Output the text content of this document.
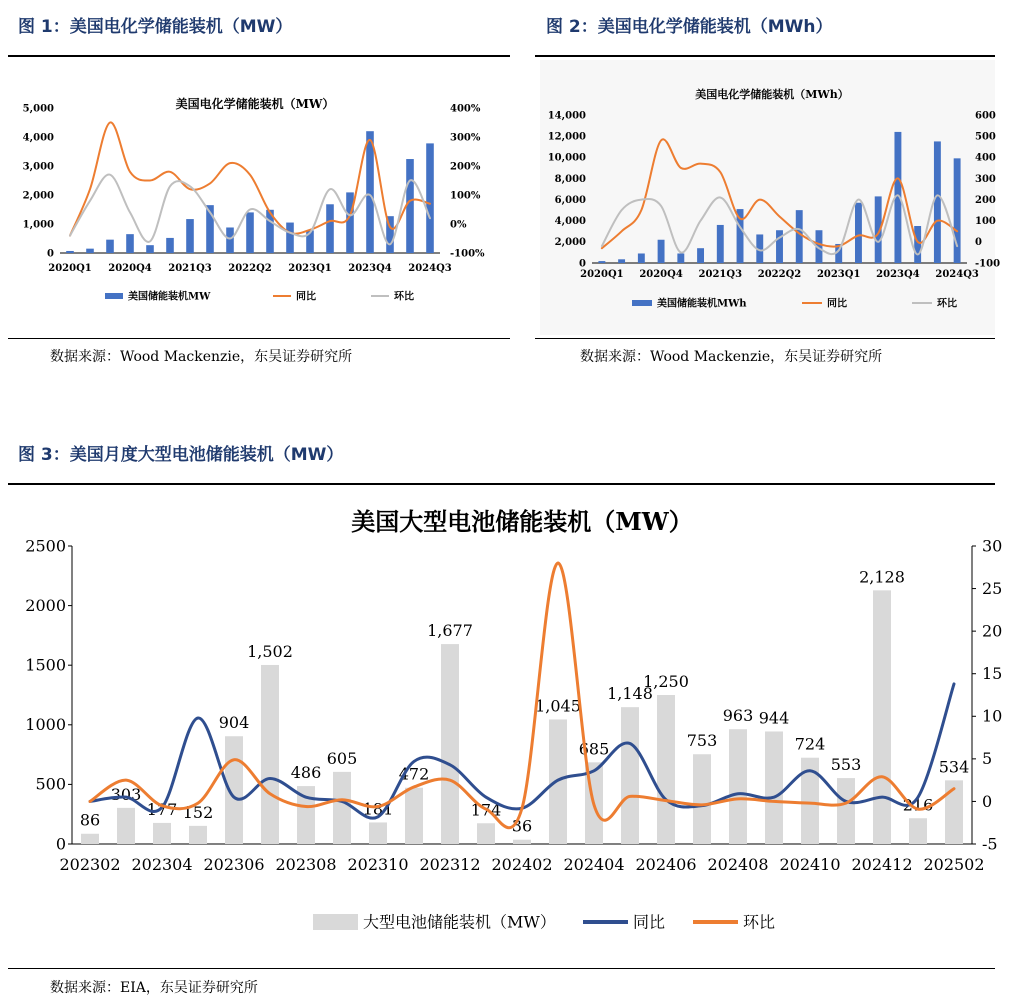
图 1：美国电化学储能装机（MW）	图 2：美国电化学储能装机（MWh）
美国电化学储能装机（MW）
0
1,000
2,000
3,000
4,000
5,000
-100%
0%
100%
200%
300%
400%
2020Q1 2020Q4 2021Q3 2022Q2 2023Q1 2023Q4 2024Q3
美国储能装机MW	同比	环比
美国电化学储能装机（MWh）
0
2,000
4,000
6,000
8,000
10,000
12,000
14,000
-100
0
100
200
300
400
500
600
2020Q1 2020Q4 2021Q3 2022Q2 2023Q1 2023Q4 2024Q3
美国储能装机MWh	同比	环比
数据来源：Wood Mackenzie，东吴证券研究所	数据来源：Wood Mackenzie，东吴证券研究所
图 3：美国月度大型电池储能装机（MW）
美国大型电池储能装机（MW）
0
500
1000
1500
2000
2500
-5
0
5
10
15
20
25
30
86
303
177 152
904
1,502
486
605
181
472
1,677
174
36
1,045
685
1,148
1,250
753
963 944
724
553
2,128
216
534
202302 202304 202306 202308 202310 202312 202402 202404 202406 202408 202410 202412 202502
大型电池储能装机（MW）	同比	环比
数据来源：EIA，东吴证券研究所
